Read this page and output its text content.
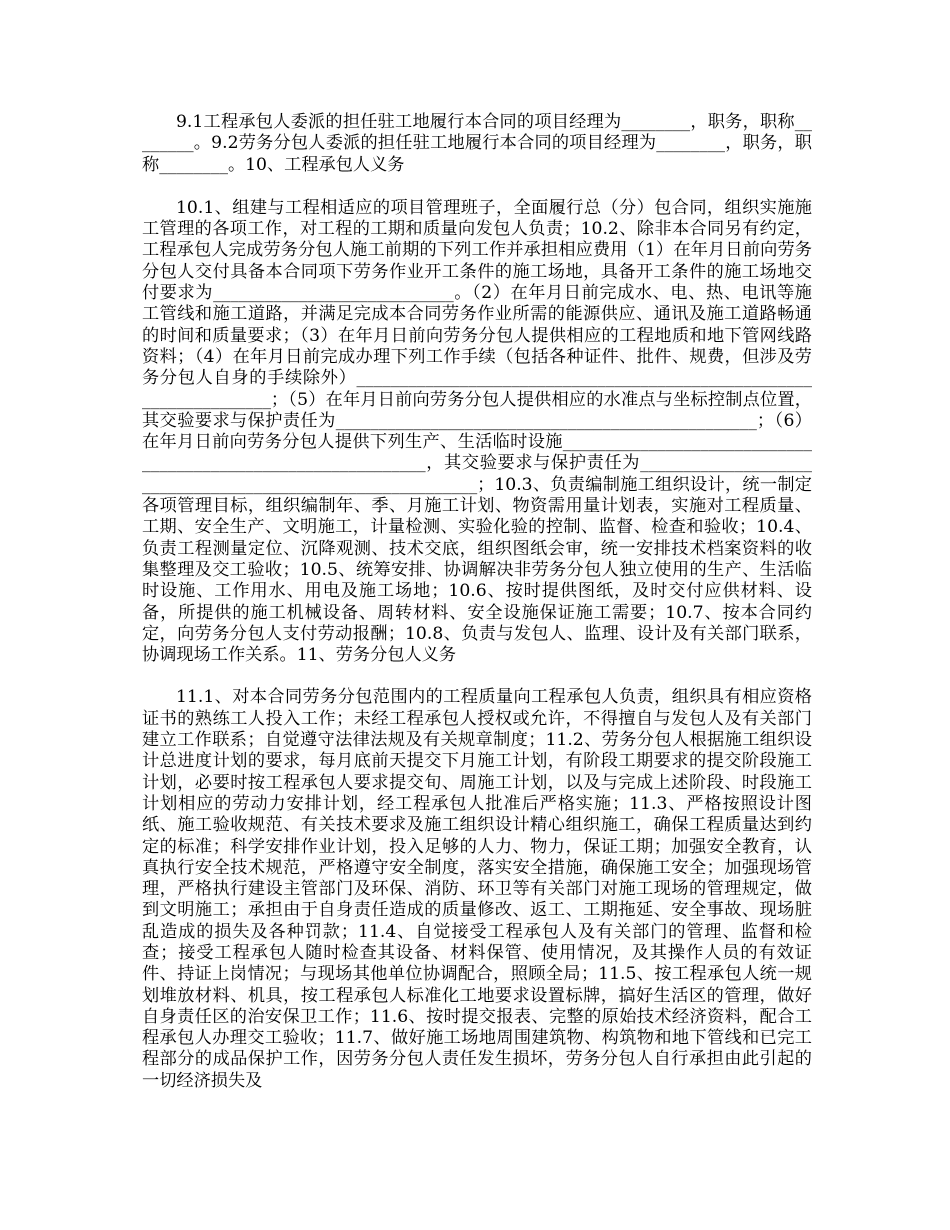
9.1工程承包人委派的担任驻工地履行本合同的项目经理为________，职务，职称________。9.2劳务分包人委派的担任驻工地履行本合同的项目经理为________，职务，职称________。10、工程承包人义务

10.1、组建与工程相适应的项目管理班子，全面履行总（分）包合同，组织实施施工管理的各项工作，对工程的工期和质量向发包人负责；10.2、除非本合同另有约定，工程承包人完成劳务分包人施工前期的下列工作并承担相应费用（1）在年月日前向劳务分包人交付具备本合同项下劳务作业开工条件的施工场地，具备开工条件的施工场地交付要求为____________________________。（2）在年月日前完成水、电、热、电讯等施工管线和施工道路，并满足完成本合同劳务作业所需的能源供应、通讯及施工道路畅通的时间和质量要求；（3）在年月日前向劳务分包人提供相应的工程地质和地下管网线路资料；（4）在年月日前完成办理下列工作手续（包括各种证件、批件、规费，但涉及劳务分包人自身的手续除外）____________________________________________________________________；（5）在年月日前向劳务分包人提供相应的水准点与坐标控制点位置，其交验要求与保护责任为_________________________________________________；（6）在年月日前向劳务分包人提供下列生产、生活临时设施______________________________________________________________，其交验要求与保护责任为___________________________________________________________；10.3、负责编制施工组织设计，统一制定各项管理目标，组织编制年、季、月施工计划、物资需用量计划表，实施对工程质量、工期、安全生产、文明施工，计量检测、实验化验的控制、监督、检查和验收；10.4、负责工程测量定位、沉降观测、技术交底，组织图纸会审，统一安排技术档案资料的收集整理及交工验收；10.5、统筹安排、协调解决非劳务分包人独立使用的生产、生活临时设施、工作用水、用电及施工场地；10.6、按时提供图纸，及时交付应供材料、设备，所提供的施工机械设备、周转材料、安全设施保证施工需要；10.7、按本合同约定，向劳务分包人支付劳动报酬；10.8、负责与发包人、监理、设计及有关部门联系，协调现场工作关系。11、劳务分包人义务

11.1、对本合同劳务分包范围内的工程质量向工程承包人负责，组织具有相应资格证书的熟练工人投入工作；未经工程承包人授权或允许，不得擅自与发包人及有关部门建立工作联系；自觉遵守法律法规及有关规章制度；11.2、劳务分包人根据施工组织设计总进度计划的要求，每月底前天提交下月施工计划，有阶段工期要求的提交阶段施工计划，必要时按工程承包人要求提交旬、周施工计划，以及与完成上述阶段、时段施工计划相应的劳动力安排计划，经工程承包人批准后严格实施；11.3、严格按照设计图纸、施工验收规范、有关技术要求及施工组织设计精心组织施工，确保工程质量达到约定的标准；科学安排作业计划，投入足够的人力、物力，保证工期；加强安全教育，认真执行安全技术规范，严格遵守安全制度，落实安全措施，确保施工安全；加强现场管理，严格执行建设主管部门及环保、消防、环卫等有关部门对施工现场的管理规定，做到文明施工；承担由于自身责任造成的质量修改、返工、工期拖延、安全事故、现场脏乱造成的损失及各种罚款；11.4、自觉接受工程承包人及有关部门的管理、监督和检查；接受工程承包人随时检查其设备、材料保管、使用情况，及其操作人员的有效证件、持证上岗情况；与现场其他单位协调配合，照顾全局；11.5、按工程承包人统一规划堆放材料、机具，按工程承包人标准化工地要求设置标牌，搞好生活区的管理，做好自身责任区的治安保卫工作；11.6、按时提交报表、完整的原始技术经济资料，配合工程承包人办理交工验收；11.7、做好施工场地周围建筑物、构筑物和地下管线和已完工程部分的成品保护工作，因劳务分包人责任发生损坏，劳务分包人自行承担由此引起的一切经济损失及
